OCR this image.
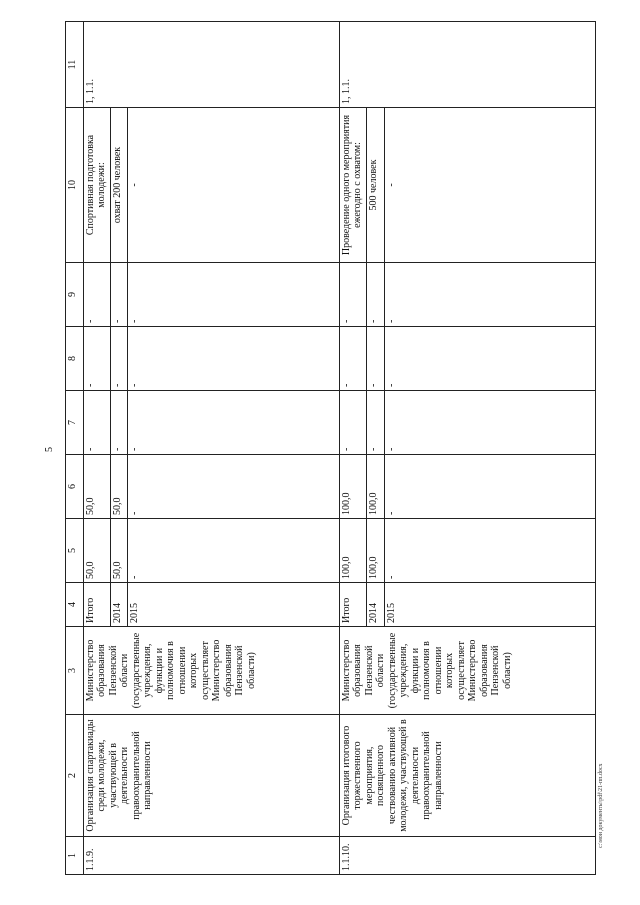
5
c:\мои документы\pdf\21-пп.docx
1	2	3	4	5	6	7	8	9	10	11
1.1.9.	Организация спартакиады среди молодежи, участвующей в деятельности правоохранительной направленности	Министерство образования Пензенской области (государственные учреждения, функции и полномочия в отношении которых осуществляет Министерство образования Пензенской области)	Итого	50,0	50,0	-	-	-	Спортивная подготовка молодежи:	1, 1.1.
			2014	50,0	50,0	-	-	-	охват 200 человек	
			2015	-	-	-	-	-	-	
1.1.10.	Организация итогового торжественного мероприятия, посвященного чествованию активной молодежи, участвующей в деятельности правоохранительной направленности	Министерство образования Пензенской области (государственные учреждения, функции и полномочия в отношении которых осуществляет Министерство образования Пензенской области)	Итого	100,0	100,0	-	-	-	Проведение одного мероприятия ежегодно с охватом:	1, 1.1.
			2014	100,0	100,0	-	-	-	500 человек	
			2015	-	-	-	-	-	-	
